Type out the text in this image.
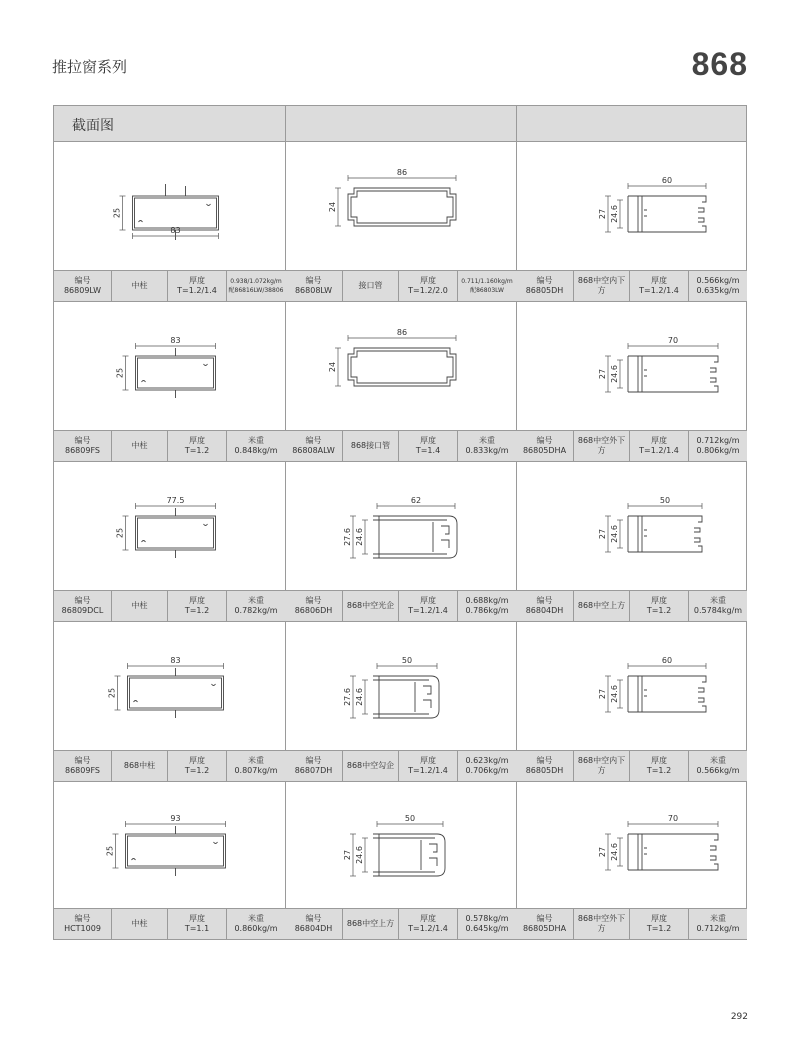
推拉窗系列	868
截面图
83
25
编号
86809LW
中柱
厚度
T=1.2/1.4
0.938/1.072kg/m
配86816LW/38806
86
24
编号
86808LW
接口管
厚度
T=1.2/2.0
0.711/1.160kg/m
配86803LW
60
27 24.6
编号
86805DH
868中空内下方
厚度
T=1.2/1.4
0.566kg/m
0.635kg/m
83
25
编号
86809FS
中柱
厚度
T=1.2
米重
0.848kg/m
86
24
编号
86808ALW
868接口管
厚度
T=1.4
米重
0.833kg/m
70
27 24.6
编号
86805DHA
868中空外下方
厚度
T=1.2/1.4
0.712kg/m
0.806kg/m
77.5
25
编号
86809DCL
中柱
厚度
T=1.2
米重
0.782kg/m
62
27.6 24.6
编号
86806DH
868中空光企
厚度
T=1.2/1.4
0.688kg/m
0.786kg/m
50
27 24.6
编号
86804DH
868中空上方
厚度
T=1.2
米重
0.5784kg/m
83
25
编号
86809FS
868中柱
厚度
T=1.2
米重
0.807kg/m
50
27.6 24.6
编号
86807DH
868中空勾企
厚度
T=1.2/1.4
0.623kg/m
0.706kg/m
60
27 24.6
编号
86805DH
868中空内下方
厚度
T=1.2
米重
0.566kg/m
93
25
编号
HCT1009
中柱
厚度
T=1.1
米重
0.860kg/m
50
27 24.6
编号
86804DH
868中空上方
厚度
T=1.2/1.4
0.578kg/m
0.645kg/m
70
27 24.6
编号
86805DHA
868中空外下方
厚度
T=1.2
米重
0.712kg/m
292
